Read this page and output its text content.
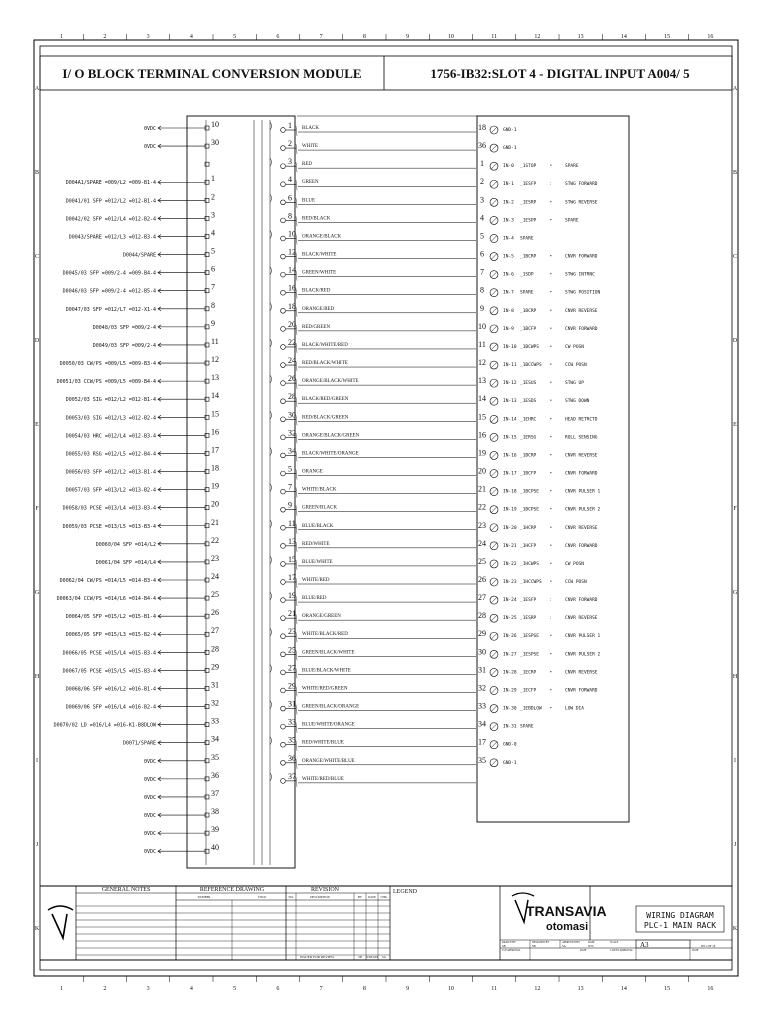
1
1
2
2
3
3
4
4
5
5
6
6
7
7
8
8
9
9
10
10
11
11
12
12
13
13
14
14
15
15
16
16
A	A
B	B
C	C
D	D
E	E
F	F
G	G
H	H
I	I
J	J
K	K
I/ O BLOCK TERMINAL CONVERSION MODULE	1756-IB32:SLOT 4 - DIGITAL INPUT A004/ 5
0VDC	10
0VDC	30
D004A1/SPARE =009/L2 =009-B1-4	1
D0041/01 SFP =012/L2 =012-B1-4	2
D0042/02 SFP =012/L4 =012-B2-4	3
D0043/SPARE =012/L3 =012-B3-4	4
D0044/SPARE	5
D0045/03 SFP =009/2-4 =009-B4-4	6
D0046/03 SFP =009/2-4 =012-B5-4	7
D0047/03 SFP =012/L7 =012-X1-4	8
D0048/03 SFP =009/2-4	9
D0049/03 SFP =009/2-4	11
D0050/03 CW/PS =009/L5 =009-B3-4	12
D0051/03 CCW/PS =009/L5 =009-B4-4	13
D0052/03 SIG =012/L2 =012-B1-4	14
D0053/03 SIG =012/L3 =012-B2-4	15
D0054/03 HRC =012/L4 =012-B3-4	16
D0055/03 RSG =012/L5 =012-B4-4	17
D0056/03 SFP =012/L2 =013-B1-4	18
D0057/03 SFP =013/L2 =013-B2-4	19
D0058/03 PCSE =013/L4 =013-B3-4	20
D0059/03 PCSE =013/L5 =013-B3-4	21
D0060/04 SFP =014/L2	22
D0061/04 SFP =014/L4	23
D0062/04 CW/PS =014/L5 =014-B3-4	24
D0063/04 CCW/PS =014/L6 =014-B4-4	25
D0064/05 SFP =015/L2 =015-B1-4	26
D0065/05 SFP =015/L3 =015-B2-4	27
D0066/05 PCSE =015/L4 =015-B3-4	28
D0067/05 PCSE =015/L5 =015-B3-4	29
D0068/06 SFP =016/L2 =016-B1-4	31
D0069/06 SFP =016/L4 =016-B2-4	32
D0070/02 LD =016/L4 =016-K1-B8DLOW	33
D0071/SPARE	34
0VDC	35
0VDC	36
0VDC	37
0VDC	38
0VDC	39
0VDC	40
1 BLACK
2 WHITE
3 RED
4 GREEN
6 BLUE
8 RED/BLACK
10 ORANGE/BLACK
12 BLACK/WHITE
14 GREEN/WHITE
16 BLACK/RED
18 ORANGE/RED
20 RED/GREEN
22 BLACK/WHITE/RED
24 RED/BLACK/WHITE
26 ORANGE/BLACK/WHITE
28 BLACK/RED/GREEN
30 RED/BLACK/GREEN
32 ORANGE/BLACK/GREEN
34 BLACK/WHITE/ORANGE
5 ORANGE
7 WHITE/BLACK
9 GREEN/BLACK
11 BLUE/BLACK
13 RED/WHITE
15 BLUE/WHITE
17 WHITE/RED
19 BLUE/RED
21 ORANGE/GREEN
23 WHITE/BLACK/RED
25 GREEN/BLACK/WHITE
27 BLUE/BLACK/WHITE
29 WHITE/RED/GREEN
31 GREEN/BLACK/ORANGE
33 BLUE/WHITE/ORANGE
35 RED/WHITE/BLUE
36 ORANGE/WHITE/BLUE
37 WHITE/RED/BLUE
18	GND-1
36	GND-1
1	IN-0 _1STOP	•	SPARE
2	IN-1 _1ESFP	:	STWG FORWARD
3	IN-2 _1ESRP	•	STWG REVERSE
4	IN-3 _1ESPP	•	SPARE
5	IN-4 SPARE
6	IN-5 _1BCRP	•	CNVR FORWARD
7	IN-6 _1SDP	•	STWG INTRNC
8	IN-7 SPARE	•	STWG POSITION
9	IN-8 _1BCRP	•	CNVR REVERSE
10	IN-9 _1BCFP	•	CNVR FORWARD
11	IN-10 _1BCWPS •	CW POSN
12	IN-11 _1BCCWPS •	CCW POSN
13	IN-12 _1ESUS	•	STWG UP
14	IN-13 _1ESDS	•	STWG DOWN
15	IN-14 _1EHRC	•	HEAD RETRCTD
16	IN-15 _1ERSG	•	ROLL SENSING
19	IN-16 _1BCRP	•	CNVR REVERSE
20	IN-17 _1BCFP	•	CNVR FORWARD
21	IN-18 _1BCPSE •	CNVR PULSER 1
22	IN-19 _1BCPSE •	CNVR PULSER 2
23	IN-20 _1HCRP	•	CNVR REVERSE
24	IN-21 _1HCFP	•	CNVR FORWARD
25	IN-22 _1HCWPS •	CW POSN
26	IN-23 _1HCCWPS •	CCW POSN
27	IN-24 _1ESFP	:	CNVR FORWARD
28	IN-25 _1ESRP	:	CNVR REVERSE
29	IN-26 _1ESPSE •	CNVR PULSER 1
30	IN-27 _1ESPSE •	CNVR PULSER 2
31	IN-28 _1ECRP	•	CNVR REVERSE
32	IN-29 _1ECFP	•	CNVR FORWARD
33	IN-30 _1EBDLOW •	LOW DIA
34	IN-31 SPARE
17	GND-0
35	GND-1
GENERAL NOTES	REFERENCE DRAWING
NUMBER	TITLE
REVISION
NO.	DESCRIPTION	BY DATE CHK.
- ISSUED FOR REVIEW	SB JUNE/2008 SA
LEGEND
TRANSAVIA
otomasi
WIRING DIAGRAM
PLC-1 MAIN RACK
A3	SH 1 OF 16
DRAWN BY
SB
DESIGNED BY
SB
APPROVED BY
SA
DATE
NTS
SCALE
TCP APPROVAL	DATE	CLIENT APPROVAL	DATE
